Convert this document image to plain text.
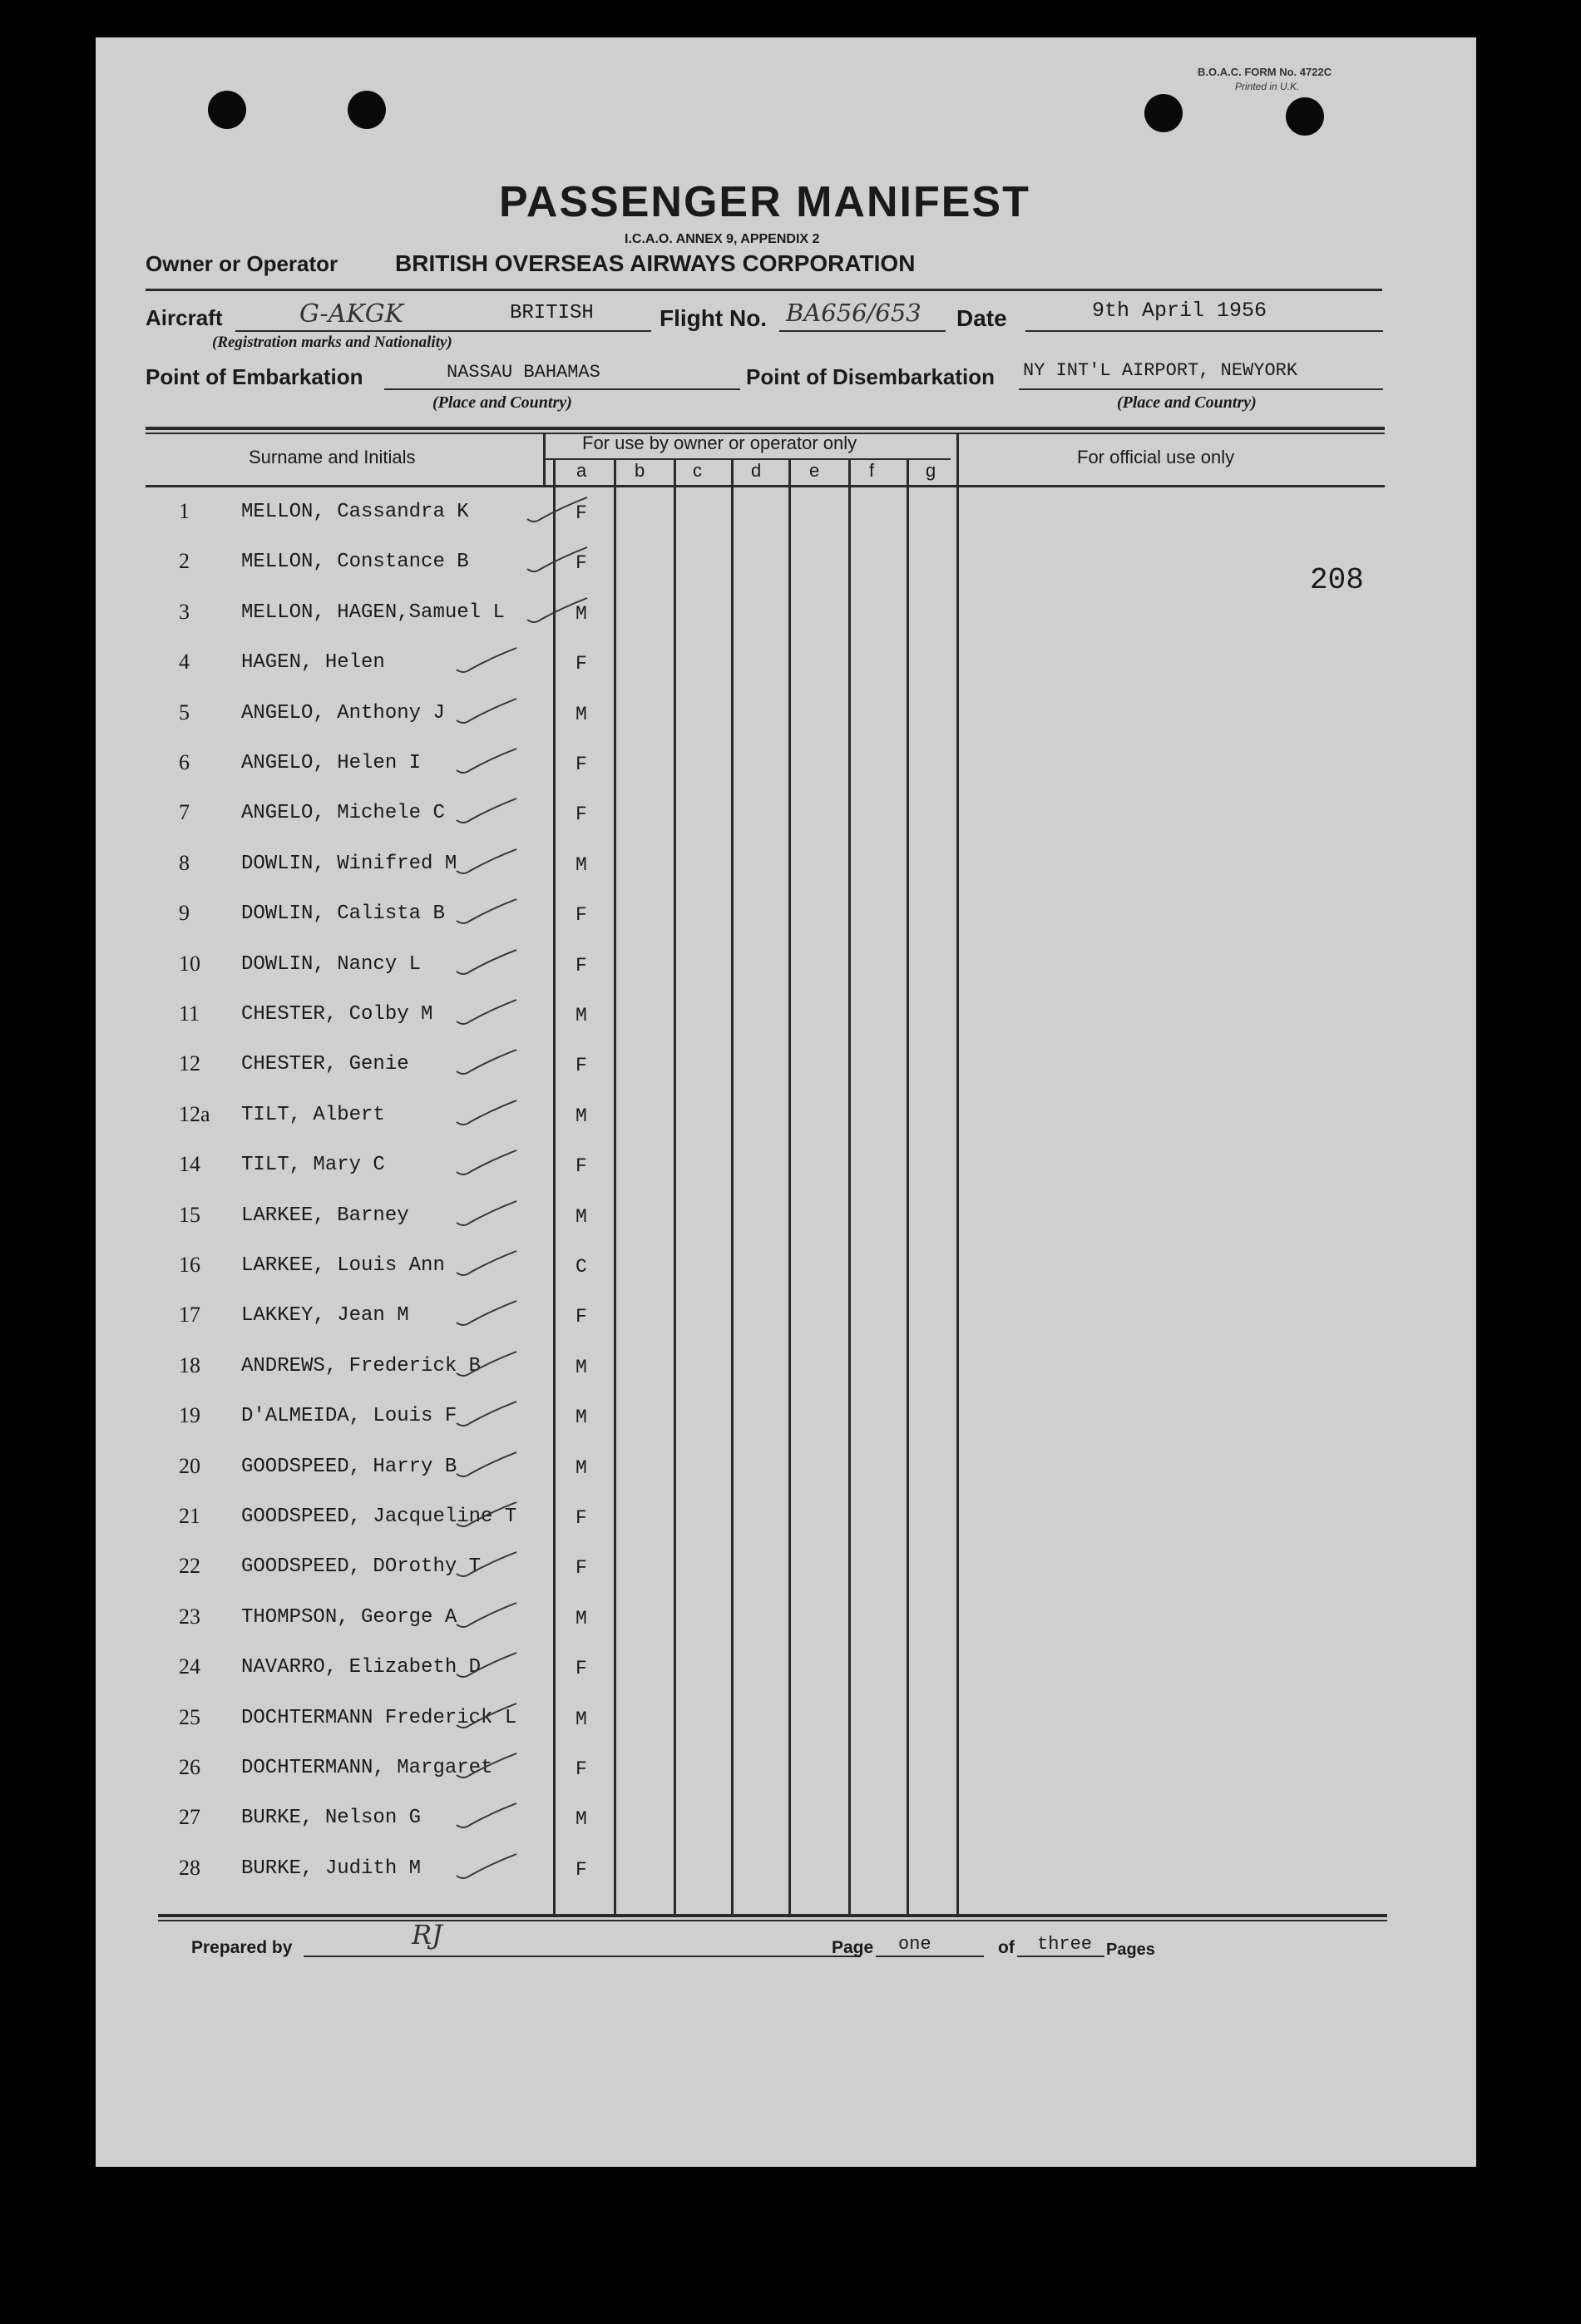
B.O.A.C. FORM No. 4722C

Printed in U.K.

PASSENGER MANIFEST

I.C.A.O. ANNEX 9, APPENDIX 2

Owner or Operator BRITISH OVERSEAS AIRWAYS CORPORATION

Aircraft	G-AKGK	BRITISH

(Registration marks and Nationality)

Flight No. BA656/653 Date	9th April 1956

Point of Embarkation	NASSAU BAHAMAS

(Place and Country)

Point of Disembarkation NY INT'L AIRPORT, NEWYORK

(Place and Country)

Surname and Initials

For use by owner or operator only

For official use only

a	b	c	d	e	f	g

208

1	MELLON, Cassandra K	F

2	MELLON, Constance B	F

3	MELLON, HAGEN,Samuel L	M

4	HAGEN, Helen	F

5	ANGELO, Anthony J	M

6	ANGELO, Helen I	F

7	ANGELO, Michele C	F

8	DOWLIN, Winifred M	M

9	DOWLIN, Calista B	F

10 DOWLIN, Nancy L	F

11 CHESTER, Colby M	M

12 CHESTER, Genie	F

12a TILT, Albert	M

14 TILT, Mary C	F

15 LARKEE, Barney	M

16 LARKEE, Louis Ann	C

17 LAKKEY, Jean M	F

18 ANDREWS, Frederick B	M

19 D'ALMEIDA, Louis F	M

20 GOODSPEED, Harry B	M

21 GOODSPEED, Jacqueline T	F

22 GOODSPEED, DOrothy T	F

23 THOMPSON, George A	M

24 NAVARRO, Elizabeth D	F

25 DOCHTERMANN Frederick L	M

26 DOCHTERMANN, Margaret	F

27 BURKE, Nelson G	M

28 BURKE, Judith M	F

Prepared by	RJ	Page one	of three Pages
